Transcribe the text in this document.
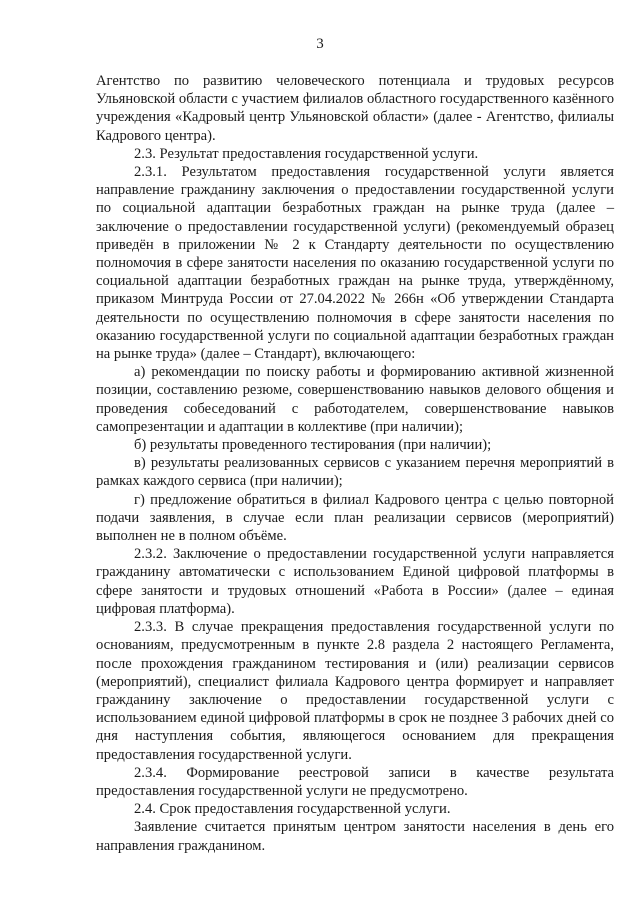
3

Агентство по развитию человеческого потенциала и трудовых ресурсов Ульяновской области с участием филиалов областного государственного казённого учреждения «Кадровый центр Ульяновской области» (далее - Агентство, филиалы Кадрового центра).

2.3. Результат предоставления государственной услуги.

2.3.1. Результатом предоставления государственной услуги является направление гражданину заключения о предоставлении государственной услуги по социальной адаптации безработных граждан на рынке труда (далее – заключение о предоставлении государственной услуги) (рекомендуемый образец приведён в приложении № 2 к Стандарту деятельности по осуществлению полномочия в сфере занятости населения по оказанию государственной услуги по социальной адаптации безработных граждан на рынке труда, утверждённому, приказом Минтруда России от 27.04.2022 № 266н «Об утверждении Стандарта деятельности по осуществлению полномочия в сфере занятости населения по оказанию государственной услуги по социальной адаптации безработных граждан на рынке труда» (далее – Стандарт), включающего:

а) рекомендации по поиску работы и формированию активной жизненной позиции, составлению резюме, совершенствованию навыков делового общения и проведения собеседований с работодателем, совершенствование навыков самопрезентации и адаптации в коллективе (при наличии);

б) результаты проведенного тестирования (при наличии);

в) результаты реализованных сервисов с указанием перечня мероприятий в рамках каждого сервиса (при наличии);

г) предложение обратиться в филиал Кадрового центра с целью повторной подачи заявления, в случае если план реализации сервисов (мероприятий) выполнен не в полном объёме.

2.3.2. Заключение о предоставлении государственной услуги направляется гражданину автоматически с использованием Единой цифровой платформы в сфере занятости и трудовых отношений «Работа в России» (далее – единая цифровая платформа).

2.3.3. В случае прекращения предоставления государственной услуги по основаниям, предусмотренным в пункте 2.8 раздела 2 настоящего Регламента, после прохождения гражданином тестирования и (или) реализации сервисов (мероприятий), специалист филиала Кадрового центра формирует и направляет гражданину заключение о предоставлении государственной услуги с использованием единой цифровой платформы в срок не позднее 3 рабочих дней со дня наступления события, являющегося основанием для прекращения предоставления государственной услуги.

2.3.4. Формирование реестровой записи в качестве результата предоставления государственной услуги не предусмотрено.

2.4. Срок предоставления государственной услуги.

Заявление считается принятым центром занятости населения в день его направления гражданином.
